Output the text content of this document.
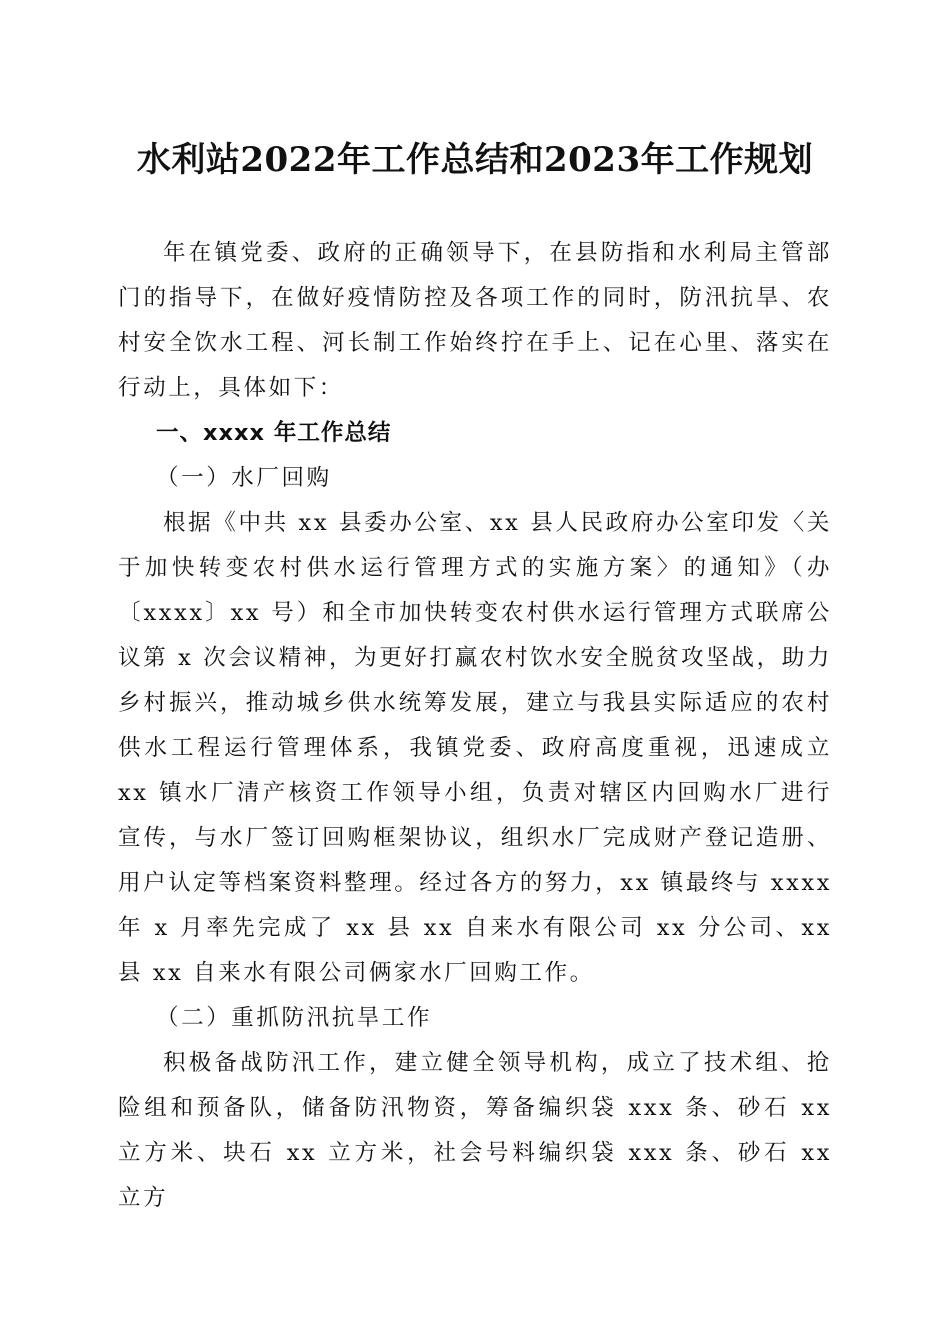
水利站2022年工作总结和2023年工作规划

年在镇党委、政府的正确领导下，在县防指和水利局主管部门的指导下，在做好疫情防控及各项工作的同时，防汛抗旱、农村安全饮水工程、河长制工作始终拧在手上、记在心里、落实在行动上，具体如下：

一、xxxx 年工作总结

（一）水厂回购

根据《中共 xx 县委办公室、xx 县人民政府办公室印发〈关于加快转变农村供水运行管理方式的实施方案〉的通知》（办〔xxxx〕xx 号）和全市加快转变农村供水运行管理方式联席公议第 x 次会议精神，为更好打赢农村饮水安全脱贫攻坚战，助力乡村振兴，推动城乡供水统筹发展，建立与我县实际适应的农村供水工程运行管理体系，我镇党委、政府高度重视，迅速成立 xx 镇水厂清产核资工作领导小组，负责对辖区内回购水厂进行宣传，与水厂签订回购框架协议，组织水厂完成财产登记造册、用户认定等档案资料整理。经过各方的努力，xx 镇最终与 xxxx 年 x 月率先完成了 xx 县 xx 自来水有限公司 xx 分公司、xx 县 xx 自来水有限公司俩家水厂回购工作。

（二）重抓防汛抗旱工作

积极备战防汛工作，建立健全领导机构，成立了技术组、抢险组和预备队，储备防汛物资，筹备编织袋 xxx 条、砂石 xx 立方米、块石 xx 立方米，社会号料编织袋 xxx 条、砂石 xx 立方
